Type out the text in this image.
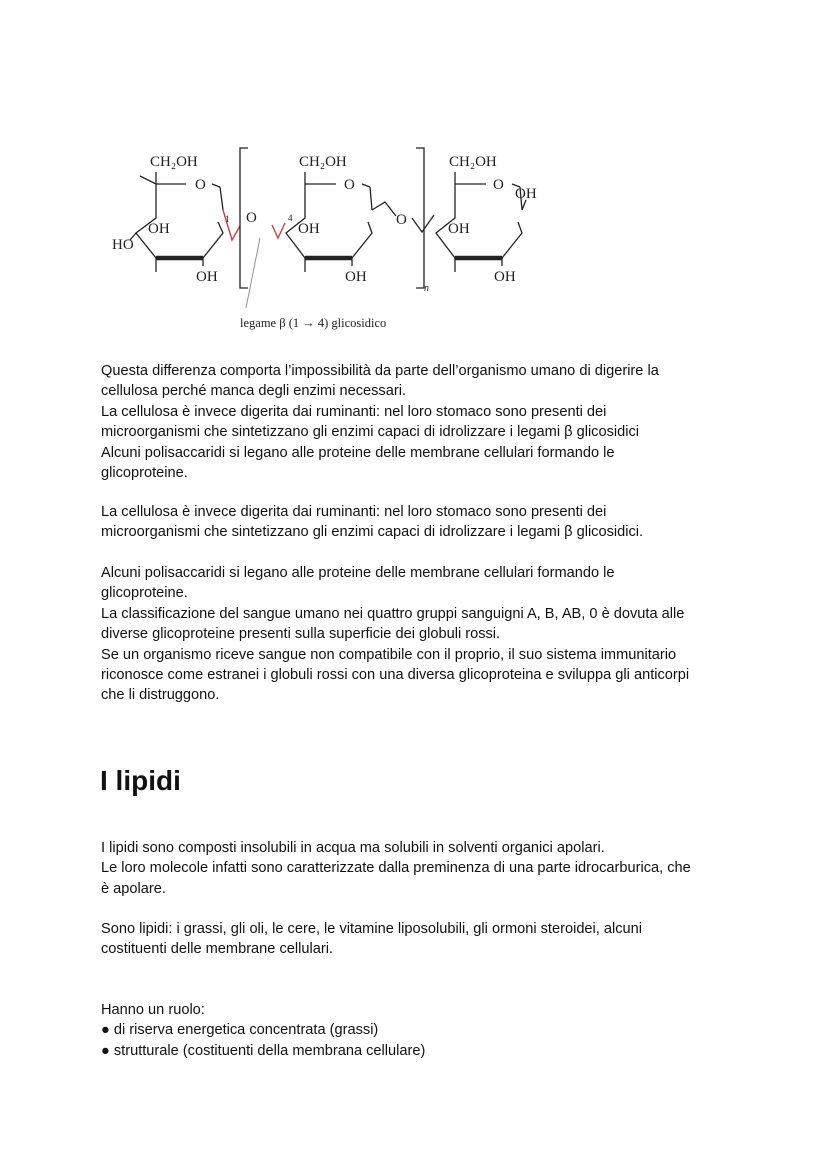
CH₂OH
O
OH
HO
OH
1 O	4
CH₂OH
O
OH
OH
O
n
CH₂OH
O
OH
OH
OH
legame β (1 → 4) glicosidico

Questa differenza comporta l’impossibilità da parte dell’organismo umano di digerire la

cellulosa perché manca degli enzimi necessari.

La cellulosa è invece digerita dai ruminanti: nel loro stomaco sono presenti dei

microorganismi che sintetizzano gli enzimi capaci di idrolizzare i legami β glicosidici

Alcuni polisaccaridi si legano alle proteine delle membrane cellulari formando le

glicoproteine.

La cellulosa è invece digerita dai ruminanti: nel loro stomaco sono presenti dei

microorganismi che sintetizzano gli enzimi capaci di idrolizzare i legami β glicosidici.

Alcuni polisaccaridi si legano alle proteine delle membrane cellulari formando le

glicoproteine.

La classificazione del sangue umano nei quattro gruppi sanguigni A, B, AB, 0 è dovuta alle

diverse glicoproteine presenti sulla superficie dei globuli rossi.

Se un organismo riceve sangue non compatibile con il proprio, il suo sistema immunitario

riconosce come estranei i globuli rossi con una diversa glicoproteina e sviluppa gli anticorpi

che li distruggono.

I lipidi

I lipidi sono composti insolubili in acqua ma solubili in solventi organici apolari.

Le loro molecole infatti sono caratterizzate dalla preminenza di una parte idrocarburica, che

è apolare.

Sono lipidi: i grassi, gli oli, le cere, le vitamine liposolubili, gli ormoni steroidei, alcuni

costituenti delle membrane cellulari.

Hanno un ruolo:

● di riserva energetica concentrata (grassi)

● strutturale (costituenti della membrana cellulare)
